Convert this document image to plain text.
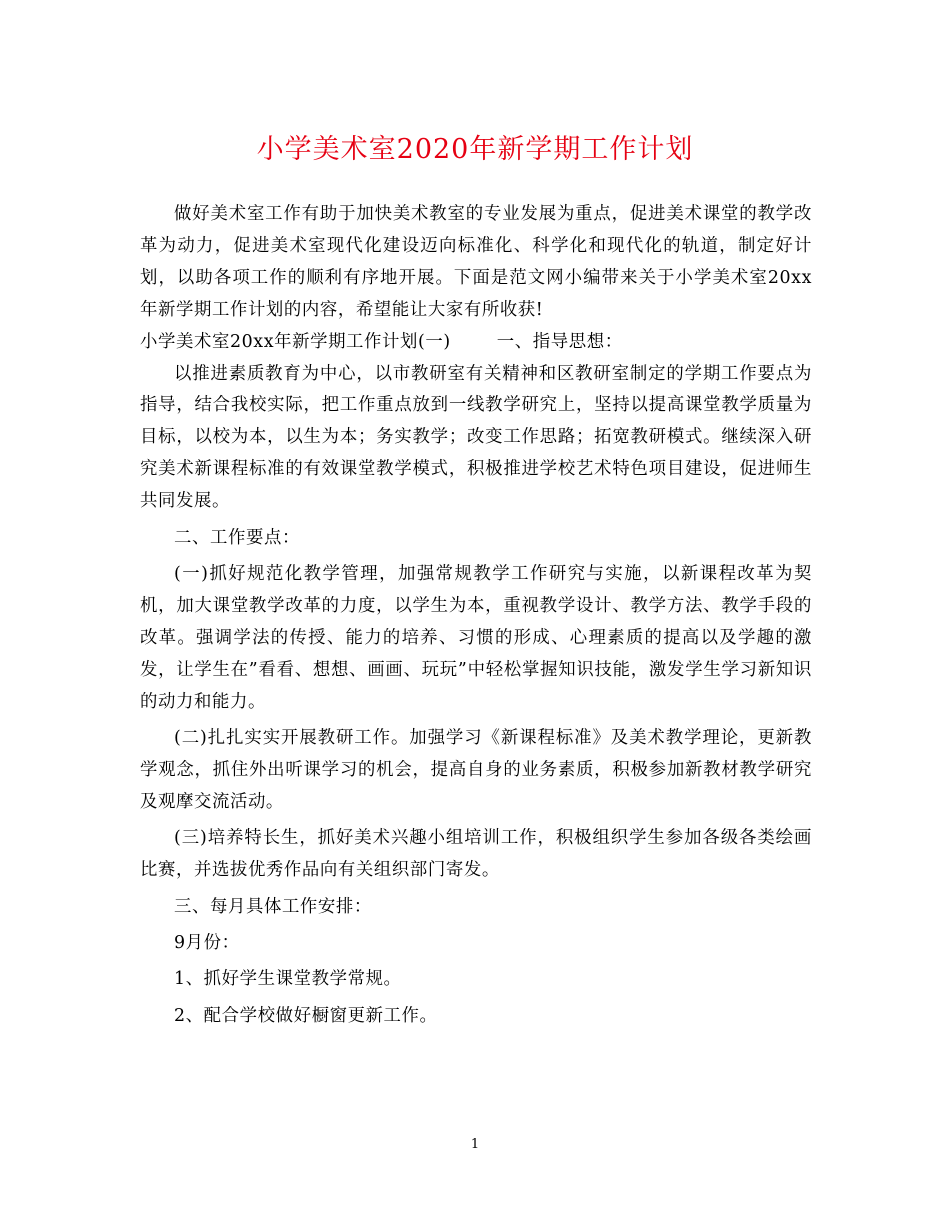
小学美术室2020年新学期工作计划

做好美术室工作有助于加快美术教室的专业发展为重点，促进美术课堂的教学改革为动力，促进美术室现代化建设迈向标准化、科学化和现代化的轨道，制定好计划，以助各项工作的顺利有序地开展。下面是范文网小编带来关于小学美术室20xx年新学期工作计划的内容，希望能让大家有所收获!

小学美术室20xx年新学期工作计划(一)	一、指导思想：

以推进素质教育为中心，以市教研室有关精神和区教研室制定的学期工作要点为指导，结合我校实际，把工作重点放到一线教学研究上，坚持以提高课堂教学质量为目标，以校为本，以生为本；务实教学；改变工作思路；拓宽教研模式。继续深入研究美术新课程标准的有效课堂教学模式，积极推进学校艺术特色项目建设，促进师生共同发展。

二、工作要点：

(一)抓好规范化教学管理，加强常规教学工作研究与实施，以新课程改革为契机，加大课堂教学改革的力度，以学生为本，重视教学设计、教学方法、教学手段的改革。强调学法的传授、能力的培养、习惯的形成、心理素质的提高以及学趣的激发，让学生在”看看、想想、画画、玩玩”中轻松掌握知识技能，激发学生学习新知识的动力和能力。

(二)扎扎实实开展教研工作。加强学习《新课程标准》及美术教学理论，更新教学观念，抓住外出听课学习的机会，提高自身的业务素质，积极参加新教材教学研究及观摩交流活动。

(三)培养特长生，抓好美术兴趣小组培训工作，积极组织学生参加各级各类绘画比赛，并选拔优秀作品向有关组织部门寄发。

三、每月具体工作安排：

9月份：

1、抓好学生课堂教学常规。

2、配合学校做好橱窗更新工作。

1
